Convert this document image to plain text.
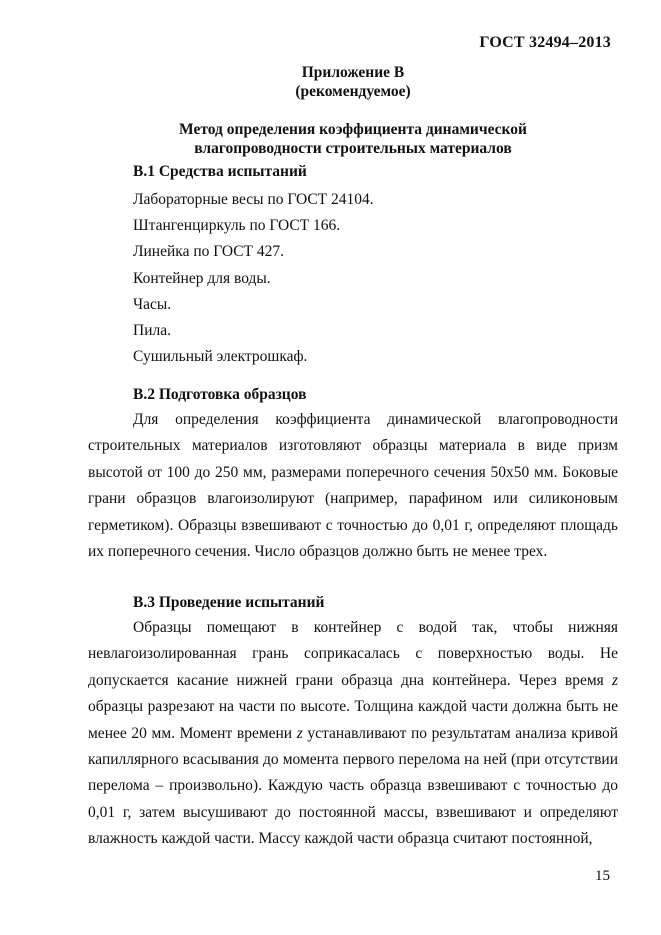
ГОСТ 32494–2013
Приложение В
(рекомендуемое)
Метод определения коэффициента динамической
влагопроводности строительных материалов
В.1 Средства испытаний
Лабораторные весы по ГОСТ 24104.
Штангенциркуль по ГОСТ 166.
Линейка по ГОСТ 427.
Контейнер для воды.
Часы.
Пила.
Сушильный электрошкаф.
В.2 Подготовка образцов

Для определения коэффициента динамической влагопроводности строительных материалов изготовляют образцы материала в виде призм высотой от 100 до 250 мм, размерами поперечного сечения 50х50 мм. Боковые грани образцов влагоизолируют (например, парафином или силиконовым герметиком). Образцы взвешивают с точностью до 0,01 г, определяют площадь их поперечного сечения. Число образцов должно быть не менее трех.

В.3 Проведение испытаний

Образцы помещают в контейнер с водой так, чтобы нижняя невлагоизолированная грань соприкасалась с поверхностью воды. Не допускается касание нижней грани образца дна контейнера. Через время z образцы разрезают на части по высоте. Толщина каждой части должна быть не менее 20 мм. Момент времени z устанавливают по результатам анализа кривой капиллярного всасывания до момента первого перелома на ней (при отсутствии перелома – произвольно). Каждую часть образца взвешивают с точностью до 0,01 г, затем высушивают до постоянной массы, взвешивают и определяют влажность каждой части. Массу каждой части образца считают постоянной,

15
